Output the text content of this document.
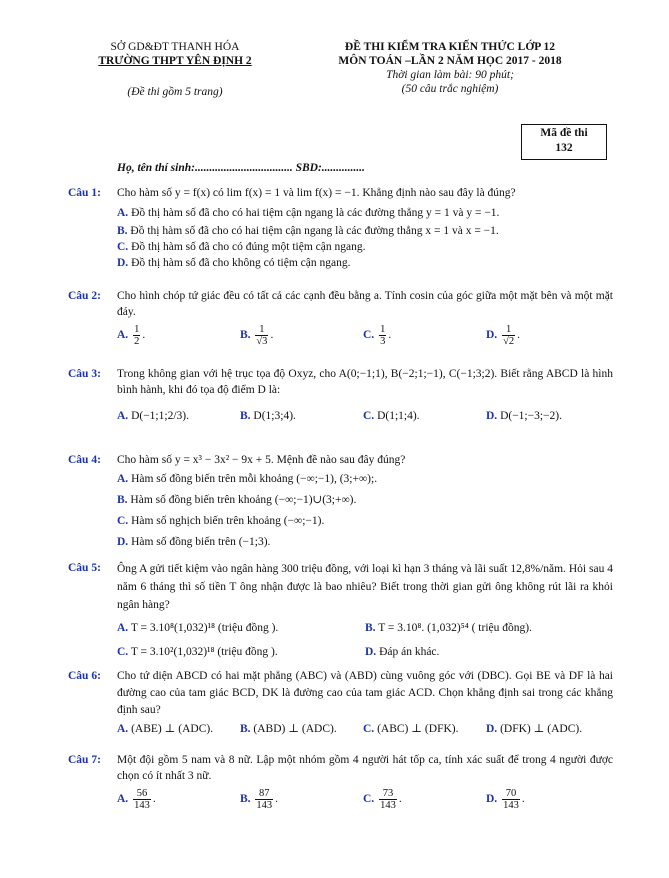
SỞ GD&ĐT THANH HÓA
TRƯỜNG THPT YÊN ĐỊNH 2
(Đề thi gồm 5 trang)
ĐỀ THI KIỂM TRA KIẾN THỨC LỚP 12
MÔN TOÁN –LẦN 2 NĂM HỌC 2017 - 2018
Thời gian làm bài: 90 phút;
(50 câu trắc nghiệm)
Mã đề thi
132
Họ, tên thí sinh:.................................. SBD:...............
Câu 1: Cho hàm số y = f(x) có lim f(x) = 1 và lim f(x) = −1. Khẳng định nào sau đây là đúng?
A. Đồ thị hàm số đã cho có hai tiệm cận ngang là các đường thẳng y = 1 và y = −1.
B. Đồ thị hàm số đã cho có hai tiệm cận ngang là các đường thẳng x = 1 và x = −1.
C. Đồ thị hàm số đã cho có đúng một tiệm cận ngang.
D. Đồ thị hàm số đã cho không có tiệm cận ngang.
Câu 2: Cho hình chóp tứ giác đều có tất cả các cạnh đều bằng a. Tính cosin của góc giữa một mặt bên và một mặt đáy.
A. $\frac{1}{2}$ .	B. $\frac{1}{√3}$ .	C. $\frac{1}{3}$ .	D. $\frac{1}{√2}$ .
Câu 3: Trong không gian với hệ trục tọa độ Oxyz, cho A(0;−1;1), B(−2;1;−1), C(−1;3;2). Biết rằng ABCD là hình bình hành, khi đó tọa độ điểm D là:
A. D(−1;1;2/3).	B. D(1;3;4).	C. D(1;1;4).	D. D(−1;−3;−2).
Câu 4: Cho hàm số y = x³ − 3x² − 9x + 5. Mệnh đề nào sau đây đúng?
A. Hàm số đồng biến trên mỗi khoảng (−∞;−1), (3;+∞);.
B. Hàm số đồng biến trên khoảng (−∞;−1)∪(3;+∞).
C. Hàm số nghịch biến trên khoảng (−∞;−1).
D. Hàm số đồng biến trên (−1;3).
Câu 5: Ông A gửi tiết kiệm vào ngân hàng 300 triệu đồng, với loại kì hạn 3 tháng và lãi suất 12,8%/năm. Hỏi sau 4 năm 6 tháng thì số tiền T ông nhận được là bao nhiêu? Biết trong thời gian gửi ông không rút lãi ra khỏi ngân hàng?
A. T = 3.10⁸(1,032)¹⁸ (triệu đồng ).	B. T = 3.10⁸. (1,032)⁵⁴ ( triệu đồng).
C. T = 3.10²(1,032)¹⁸ (triệu đồng ).	D. Đáp án khác.
Câu 6: Cho tứ diện ABCD có hai mặt phẳng (ABC) và (ABD) cùng vuông góc với (DBC). Gọi BE và DF là hai đường cao của tam giác BCD, DK là đường cao của tam giác ACD. Chọn khẳng định sai trong các khẳng định sau?
A. (ABE) ⊥ (ADC).	B. (ABD) ⊥ (ADC).	C. (ABC) ⊥ (DFK).	D. (DFK) ⊥ (ADC).
Câu 7: Một đội gồm 5 nam và 8 nữ. Lập một nhóm gồm 4 người hát tốp ca, tính xác suất để trong 4 người được chọn có ít nhất 3 nữ.
A. $\frac{56}{143}$ .	B. $\frac{87}{143}$ .	C. $\frac{73}{143}$ .	D. $\frac{70}{143}$ .
